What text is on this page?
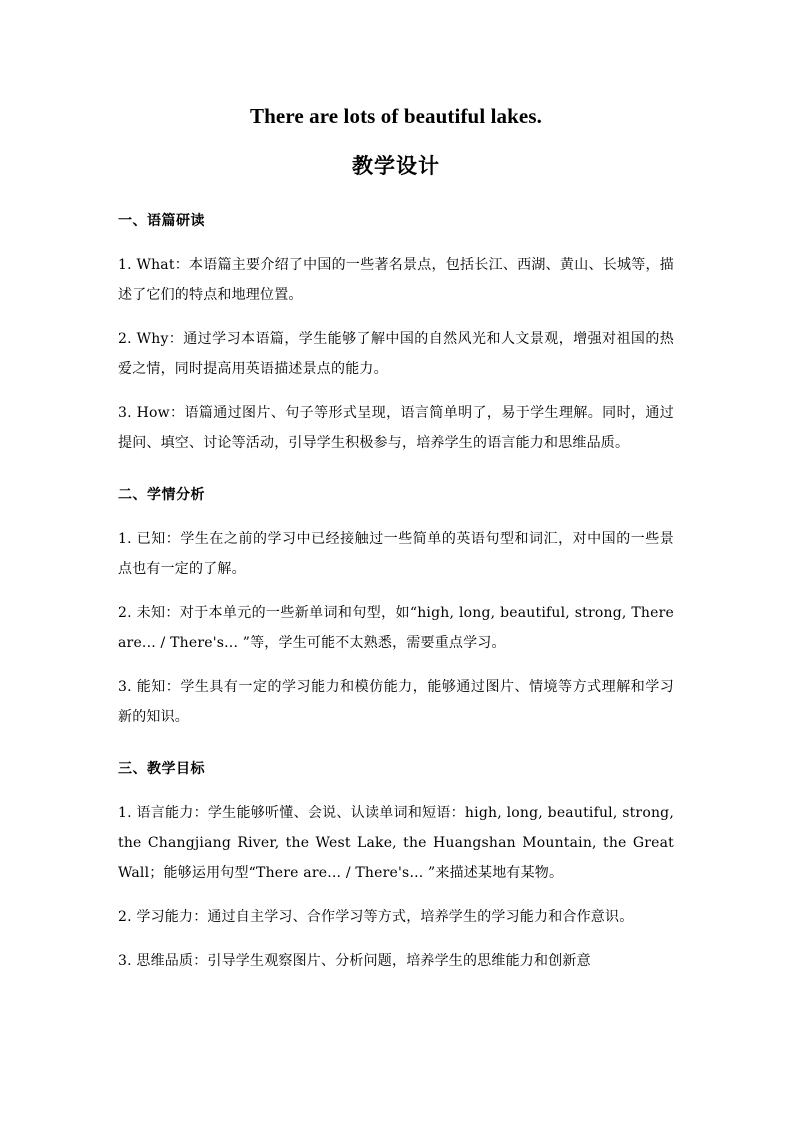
There are lots of beautiful lakes.
教学设计
一、语篇研读

1. What：本语篇主要介绍了中国的一些著名景点，包括长江、西湖、黄山、长城等，描述了它们的特点和地理位置。

2. Why：通过学习本语篇，学生能够了解中国的自然风光和人文景观，增强对祖国的热爱之情，同时提高用英语描述景点的能力。

3. How：语篇通过图片、句子等形式呈现，语言简单明了，易于学生理解。同时，通过提问、填空、讨论等活动，引导学生积极参与，培养学生的语言能力和思维品质。

二、学情分析

1. 已知：学生在之前的学习中已经接触过一些简单的英语句型和词汇，对中国的一些景点也有一定的了解。

2. 未知：对于本单元的一些新单词和句型，如“high, long, beautiful, strong, There are... / There's... ”等，学生可能不太熟悉，需要重点学习。

3. 能知：学生具有一定的学习能力和模仿能力，能够通过图片、情境等方式理解和学习新的知识。

三、教学目标

1. 语言能力：学生能够听懂、会说、认读单词和短语：high, long, beautiful, strong, the Changjiang River, the West Lake, the Huangshan Mountain, the Great Wall；能够运用句型“There are... / There's... ”来描述某地有某物。

2. 学习能力：通过自主学习、合作学习等方式，培养学生的学习能力和合作意识。

3. 思维品质：引导学生观察图片、分析问题，培养学生的思维能力和创新意
